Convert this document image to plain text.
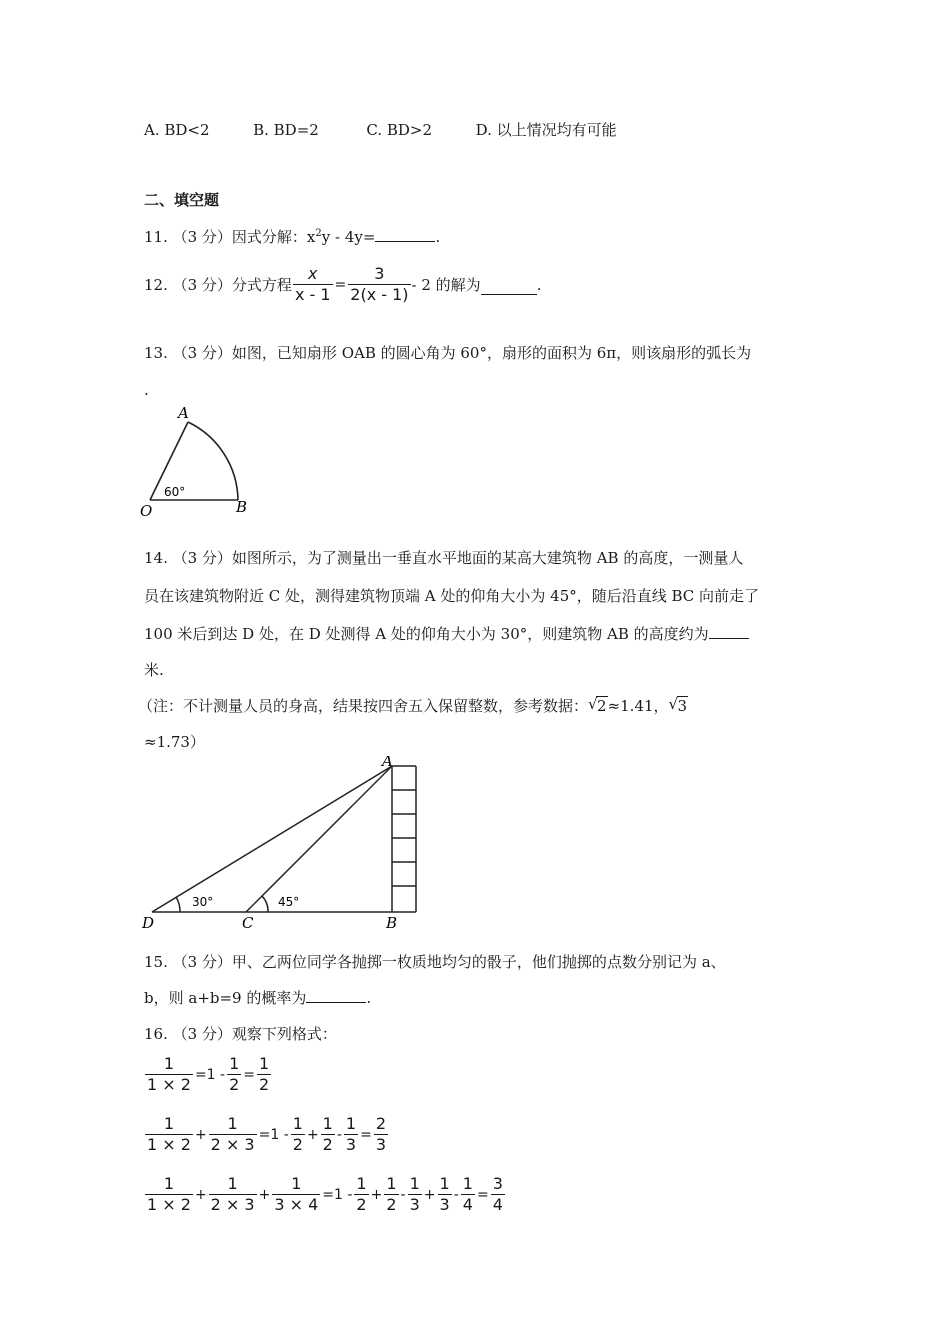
A. BD<2	B. BD=2	C. BD>2	D. 以上情况均有可能
二、填空题
11. （3 分）因式分解：$x^2y - 4y=$	.
12. （3 分）分式方程 $\frac{x}{x - 1} = \frac{3}{2(x - 1)} - 2$ 的解为	.
13. （3 分）如图，已知扇形 OAB 的圆心角为 60°，扇形的面积为 6π，则该扇形的弧长为
.
A
O	B
60°
14. （3 分）如图所示，为了测量出一垂直水平地面的某高大建筑物 AB 的高度，一测量人
员在该建筑物附近 C 处，测得建筑物顶端 A 处的仰角大小为 45°，随后沿直线 BC 向前走了
100 米后到达 D 处，在 D 处测得 A 处的仰角大小为 30°，则建筑物 AB 的高度约为
米.
（注：不计测量人员的身高，结果按四舍五入保留整数，参考数据： √ 2≈1.41， √ 3
≈1.73）
A
D	C	B
30°	45°
15. （3 分）甲、乙两位同学各抛掷一枚质地均匀的骰子，他们抛掷的点数分别记为 a、
b，则 a+b=9 的概率为	.
16. （3 分）观察下列格式：
$\frac{1}{1 \times 2} =1 - \frac{1}{2} = \frac{1}{2}$
$\frac{1}{1 \times 2} + \frac{1}{2 \times 3} =1 - \frac{1}{2} + \frac{1}{2} - \frac{1}{3} = \frac{2}{3}$
$\frac{1}{1 \times 2} + \frac{1}{2 \times 3} + \frac{1}{3 \times 4} =1 - \frac{1}{2} + \frac{1}{2} - \frac{1}{3} + \frac{1}{3} - \frac{1}{4} = \frac{3}{4}$
